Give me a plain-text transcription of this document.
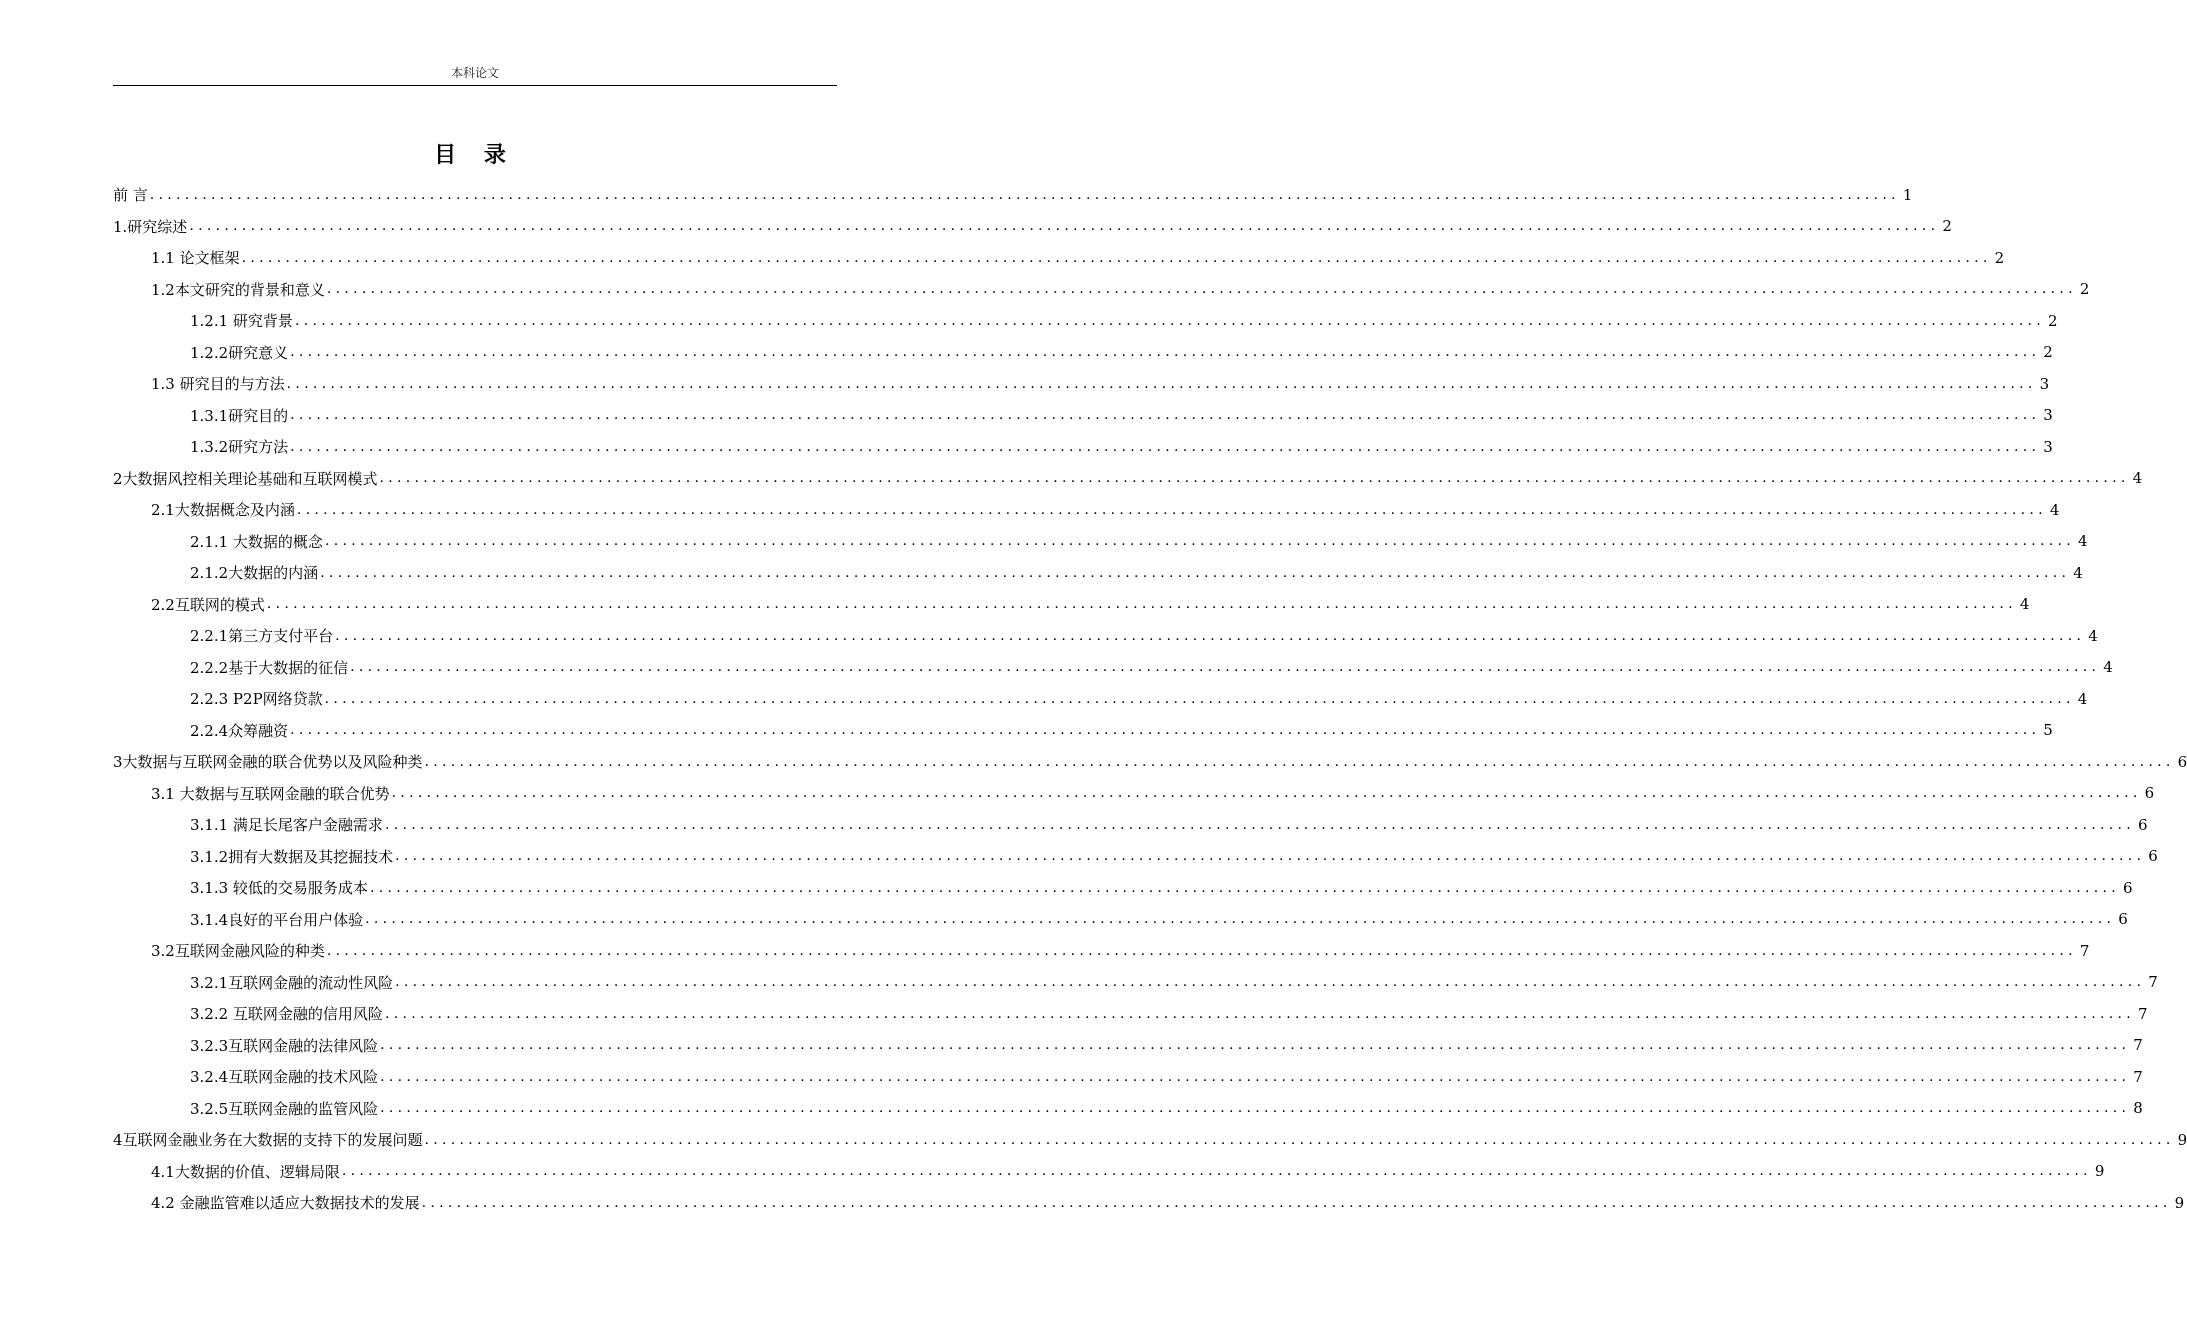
本科论文
目 录
前 言 ........................................................................................................................................................................................................ 1
1.研究综述 ........................................................................................................................................................................................................ 2
1.1 论文框架 ........................................................................................................................................................................................................ 2
1.2本文研究的背景和意义 ........................................................................................................................................................................................................ 2
1.2.1 研究背景 ........................................................................................................................................................................................................ 2
1.2.2研究意义 ........................................................................................................................................................................................................ 2
1.3 研究目的与方法 ........................................................................................................................................................................................................ 3
1.3.1研究目的 ........................................................................................................................................................................................................ 3
1.3.2研究方法 ........................................................................................................................................................................................................ 3
2大数据风控相关理论基础和互联网模式 ........................................................................................................................................................................................................ 4
2.1大数据概念及内涵 ........................................................................................................................................................................................................ 4
2.1.1 大数据的概念 ........................................................................................................................................................................................................ 4
2.1.2大数据的内涵 ........................................................................................................................................................................................................ 4
2.2互联网的模式 ........................................................................................................................................................................................................ 4
2.2.1第三方支付平台 ........................................................................................................................................................................................................ 4
2.2.2基于大数据的征信 ........................................................................................................................................................................................................ 4
2.2.3 P2P网络贷款 ........................................................................................................................................................................................................ 4
2.2.4众筹融资 ........................................................................................................................................................................................................ 5
3大数据与互联网金融的联合优势以及风险种类 ........................................................................................................................................................................................................ 6
3.1 大数据与互联网金融的联合优势 ........................................................................................................................................................................................................ 6
3.1.1 满足长尾客户金融需求 ........................................................................................................................................................................................................ 6
3.1.2拥有大数据及其挖掘技术 ........................................................................................................................................................................................................ 6
3.1.3 较低的交易服务成本 ........................................................................................................................................................................................................ 6
3.1.4良好的平台用户体验 ........................................................................................................................................................................................................ 6
3.2互联网金融风险的种类 ........................................................................................................................................................................................................ 7
3.2.1互联网金融的流动性风险 ........................................................................................................................................................................................................ 7
3.2.2 互联网金融的信用风险 ........................................................................................................................................................................................................ 7
3.2.3互联网金融的法律风险 ........................................................................................................................................................................................................ 7
3.2.4互联网金融的技术风险 ........................................................................................................................................................................................................ 7
3.2.5互联网金融的监管风险 ........................................................................................................................................................................................................ 8
4互联网金融业务在大数据的支持下的发展问题 ........................................................................................................................................................................................................ 9
4.1大数据的价值、逻辑局限 ........................................................................................................................................................................................................ 9
4.2 金融监管难以适应大数据技术的发展 ........................................................................................................................................................................................................ 9
